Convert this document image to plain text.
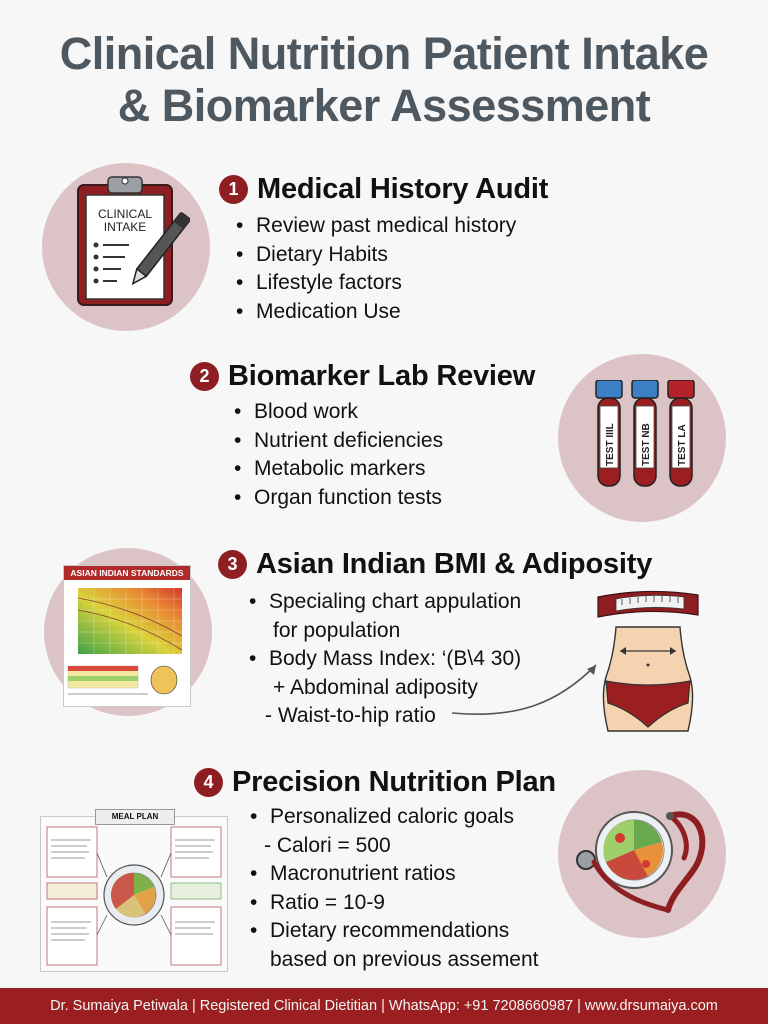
Clinical Nutrition Patient Intake
& Biomarker Assessment
CLINICAL
INTAKE
1 Medical History Audit
• Review past medical history
• Dietary Habits
• Lifestyle factors
• Medication Use
2 Biomarker Lab Review
• Blood work
• Nutrient deficiencies
• Metabolic markers
• Organ function tests
TEST IIIL	TEST NB	TEST LA
ASIAN INDIAN STANDARDS	3 Asian Indian BMI & Adiposity
• Specialing chart appulation
for population
• Body Mass Index: ‘(B\4 30)
+ Abdominal adiposity
- Waist-to-hip ratio
4 Precision Nutrition Plan
MEAL PLAN
•	Personalized caloric goals
- Calori = 500
• Macronutrient ratios
• Ratio = 10-9
• Dietary recommendations
based on previous assement
Dr. Sumaiya Petiwala | Registered Clinical Dietitian | WhatsApp: +91 7208660987 | www.drsumaiya.com
